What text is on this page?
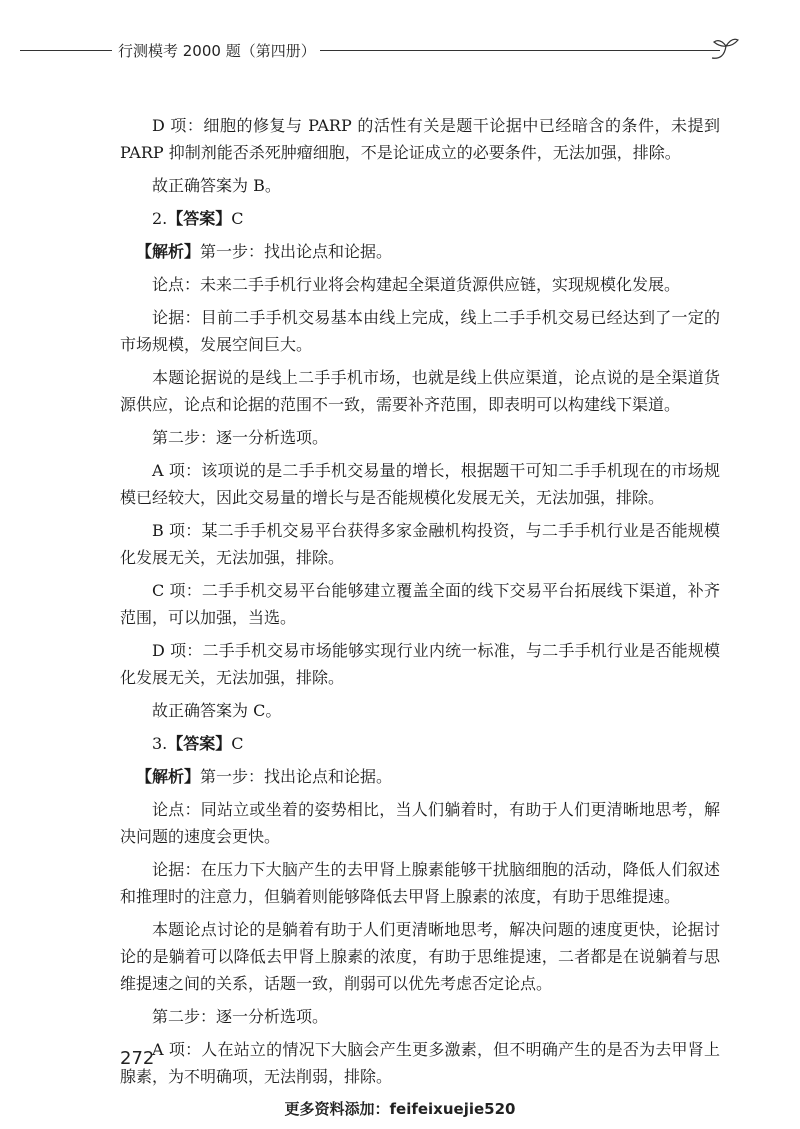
行测模考 2000 题（第四册）

D 项：细胞的修复与 PARP 的活性有关是题干论据中已经暗含的条件，未提到 PARP 抑制剂能否杀死肿瘤细胞，不是论证成立的必要条件，无法加强，排除。

故正确答案为 B。

2.【答案】C

【解析】第一步：找出论点和论据。

论点：未来二手手机行业将会构建起全渠道货源供应链，实现规模化发展。

论据：目前二手手机交易基本由线上完成，线上二手手机交易已经达到了一定的市场规模，发展空间巨大。

本题论据说的是线上二手手机市场，也就是线上供应渠道，论点说的是全渠道货源供应，论点和论据的范围不一致，需要补齐范围，即表明可以构建线下渠道。

第二步：逐一分析选项。

A 项：该项说的是二手手机交易量的增长，根据题干可知二手手机现在的市场规模已经较大，因此交易量的增长与是否能规模化发展无关，无法加强，排除。

B 项：某二手手机交易平台获得多家金融机构投资，与二手手机行业是否能规模化发展无关，无法加强，排除。

C 项：二手手机交易平台能够建立覆盖全面的线下交易平台拓展线下渠道，补齐范围，可以加强，当选。

D 项：二手手机交易市场能够实现行业内统一标准，与二手手机行业是否能规模化发展无关，无法加强，排除。

故正确答案为 C。

3.【答案】C

【解析】第一步：找出论点和论据。

论点：同站立或坐着的姿势相比，当人们躺着时，有助于人们更清晰地思考，解决问题的速度会更快。

论据：在压力下大脑产生的去甲肾上腺素能够干扰脑细胞的活动，降低人们叙述和推理时的注意力，但躺着则能够降低去甲肾上腺素的浓度，有助于思维提速。

本题论点讨论的是躺着有助于人们更清晰地思考，解决问题的速度更快，论据讨论的是躺着可以降低去甲肾上腺素的浓度，有助于思维提速，二者都是在说躺着与思维提速之间的关系，话题一致，削弱可以优先考虑否定论点。

第二步：逐一分析选项。

A 项：人在站立的情况下大脑会产生更多激素，但不明确产生的是否为去甲肾上腺素，为不明确项，无法削弱，排除。

272
更多资料添加：feifeixuejie520
